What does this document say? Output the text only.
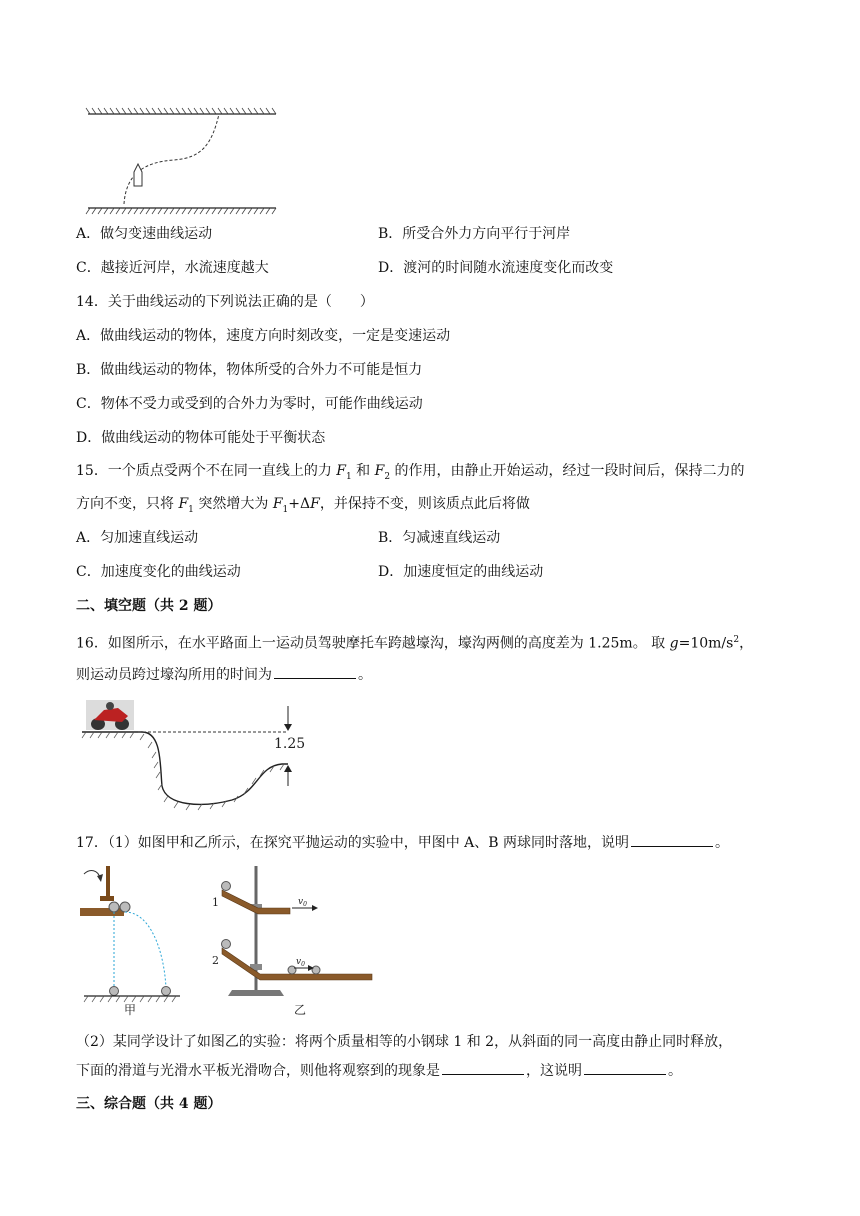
A．做匀变速曲线运动	B．所受合外力方向平行于河岸
C．越接近河岸，水流速度越大	D．渡河的时间随水流速度变化而改变
14．关于曲线运动的下列说法正确的是（　　）
A．做曲线运动的物体，速度方向时刻改变，一定是变速运动
B．做曲线运动的物体，物体所受的合外力不可能是恒力
C．物体不受力或受到的合外力为零时，可能作曲线运动
D．做曲线运动的物体可能处于平衡状态
15．一个质点受两个不在同一直线上的力 $F_1$ 和 $F_2$ 的作用，由静止开始运动，经过一段时间后，保持二力的
方向不变，只将 $F_1$ 突然增大为 $F_1+\Delta F$，并保持不变，则该质点此后将做
A．匀加速直线运动	B．匀减速直线运动
C．加速度变化的曲线运动	D．加速度恒定的曲线运动
二、填空题（共 2 题）
16．如图所示，在水平路面上一运动员驾驶摩托车跨越壕沟，壕沟两侧的高度差为 1.25m。 取 $g=10m/s^2$，
则运动员跨过壕沟所用的时间为	。
1.25
17．（1）如图甲和乙所示，在探究平抛运动的实验中，甲图中 A、B 两球同时落地，说明	。
甲
$v_0$
$v_0$
1
2
乙
（2）某同学设计了如图乙的实验：将两个质量相等的小钢球 1 和 2，从斜面的同一高度由静止同时释放，
下面的滑道与光滑水平板光滑吻合，则他将观察到的现象是	，这说明	。
三、综合题（共 4 题）
